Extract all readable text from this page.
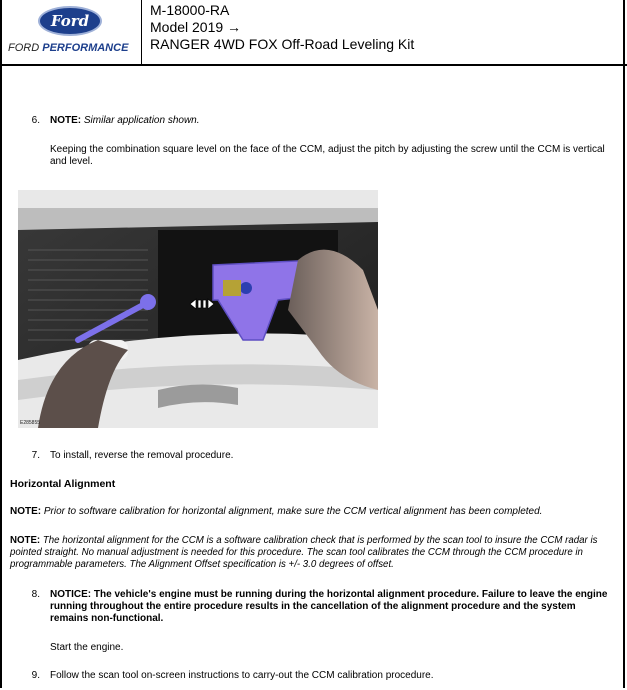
Ford
FORD PERFORMANCE
M-18000-RA
Model 2019 →
RANGER 4WD FOX Off-Road Leveling Kit
6. NOTE: Similar application shown.
Keeping the combination square level on the face of the CCM, adjust the pitch by adjusting the screw until the CCM is vertical and level.
E285855
7. To install, reverse the removal procedure.
Horizontal Alignment
NOTE: Prior to software calibration for horizontal alignment, make sure the CCM vertical alignment has been completed.
NOTE: The horizontal alignment for the CCM is a software calibration check that is performed by the scan tool to insure the CCM radar is pointed straight. No manual adjustment is needed for this procedure. The scan tool calibrates the CCM through the CCM procedure in programmable parameters. The Alignment Offset specification is +/- 3.0 degrees of offset.
8. NOTICE: The vehicle's engine must be running during the horizontal alignment procedure. Failure to leave the engine running throughout the entire procedure results in the cancellation of the alignment procedure and the system remains non-functional.
Start the engine.
9. Follow the scan tool on-screen instructions to carry-out the CCM calibration procedure.
